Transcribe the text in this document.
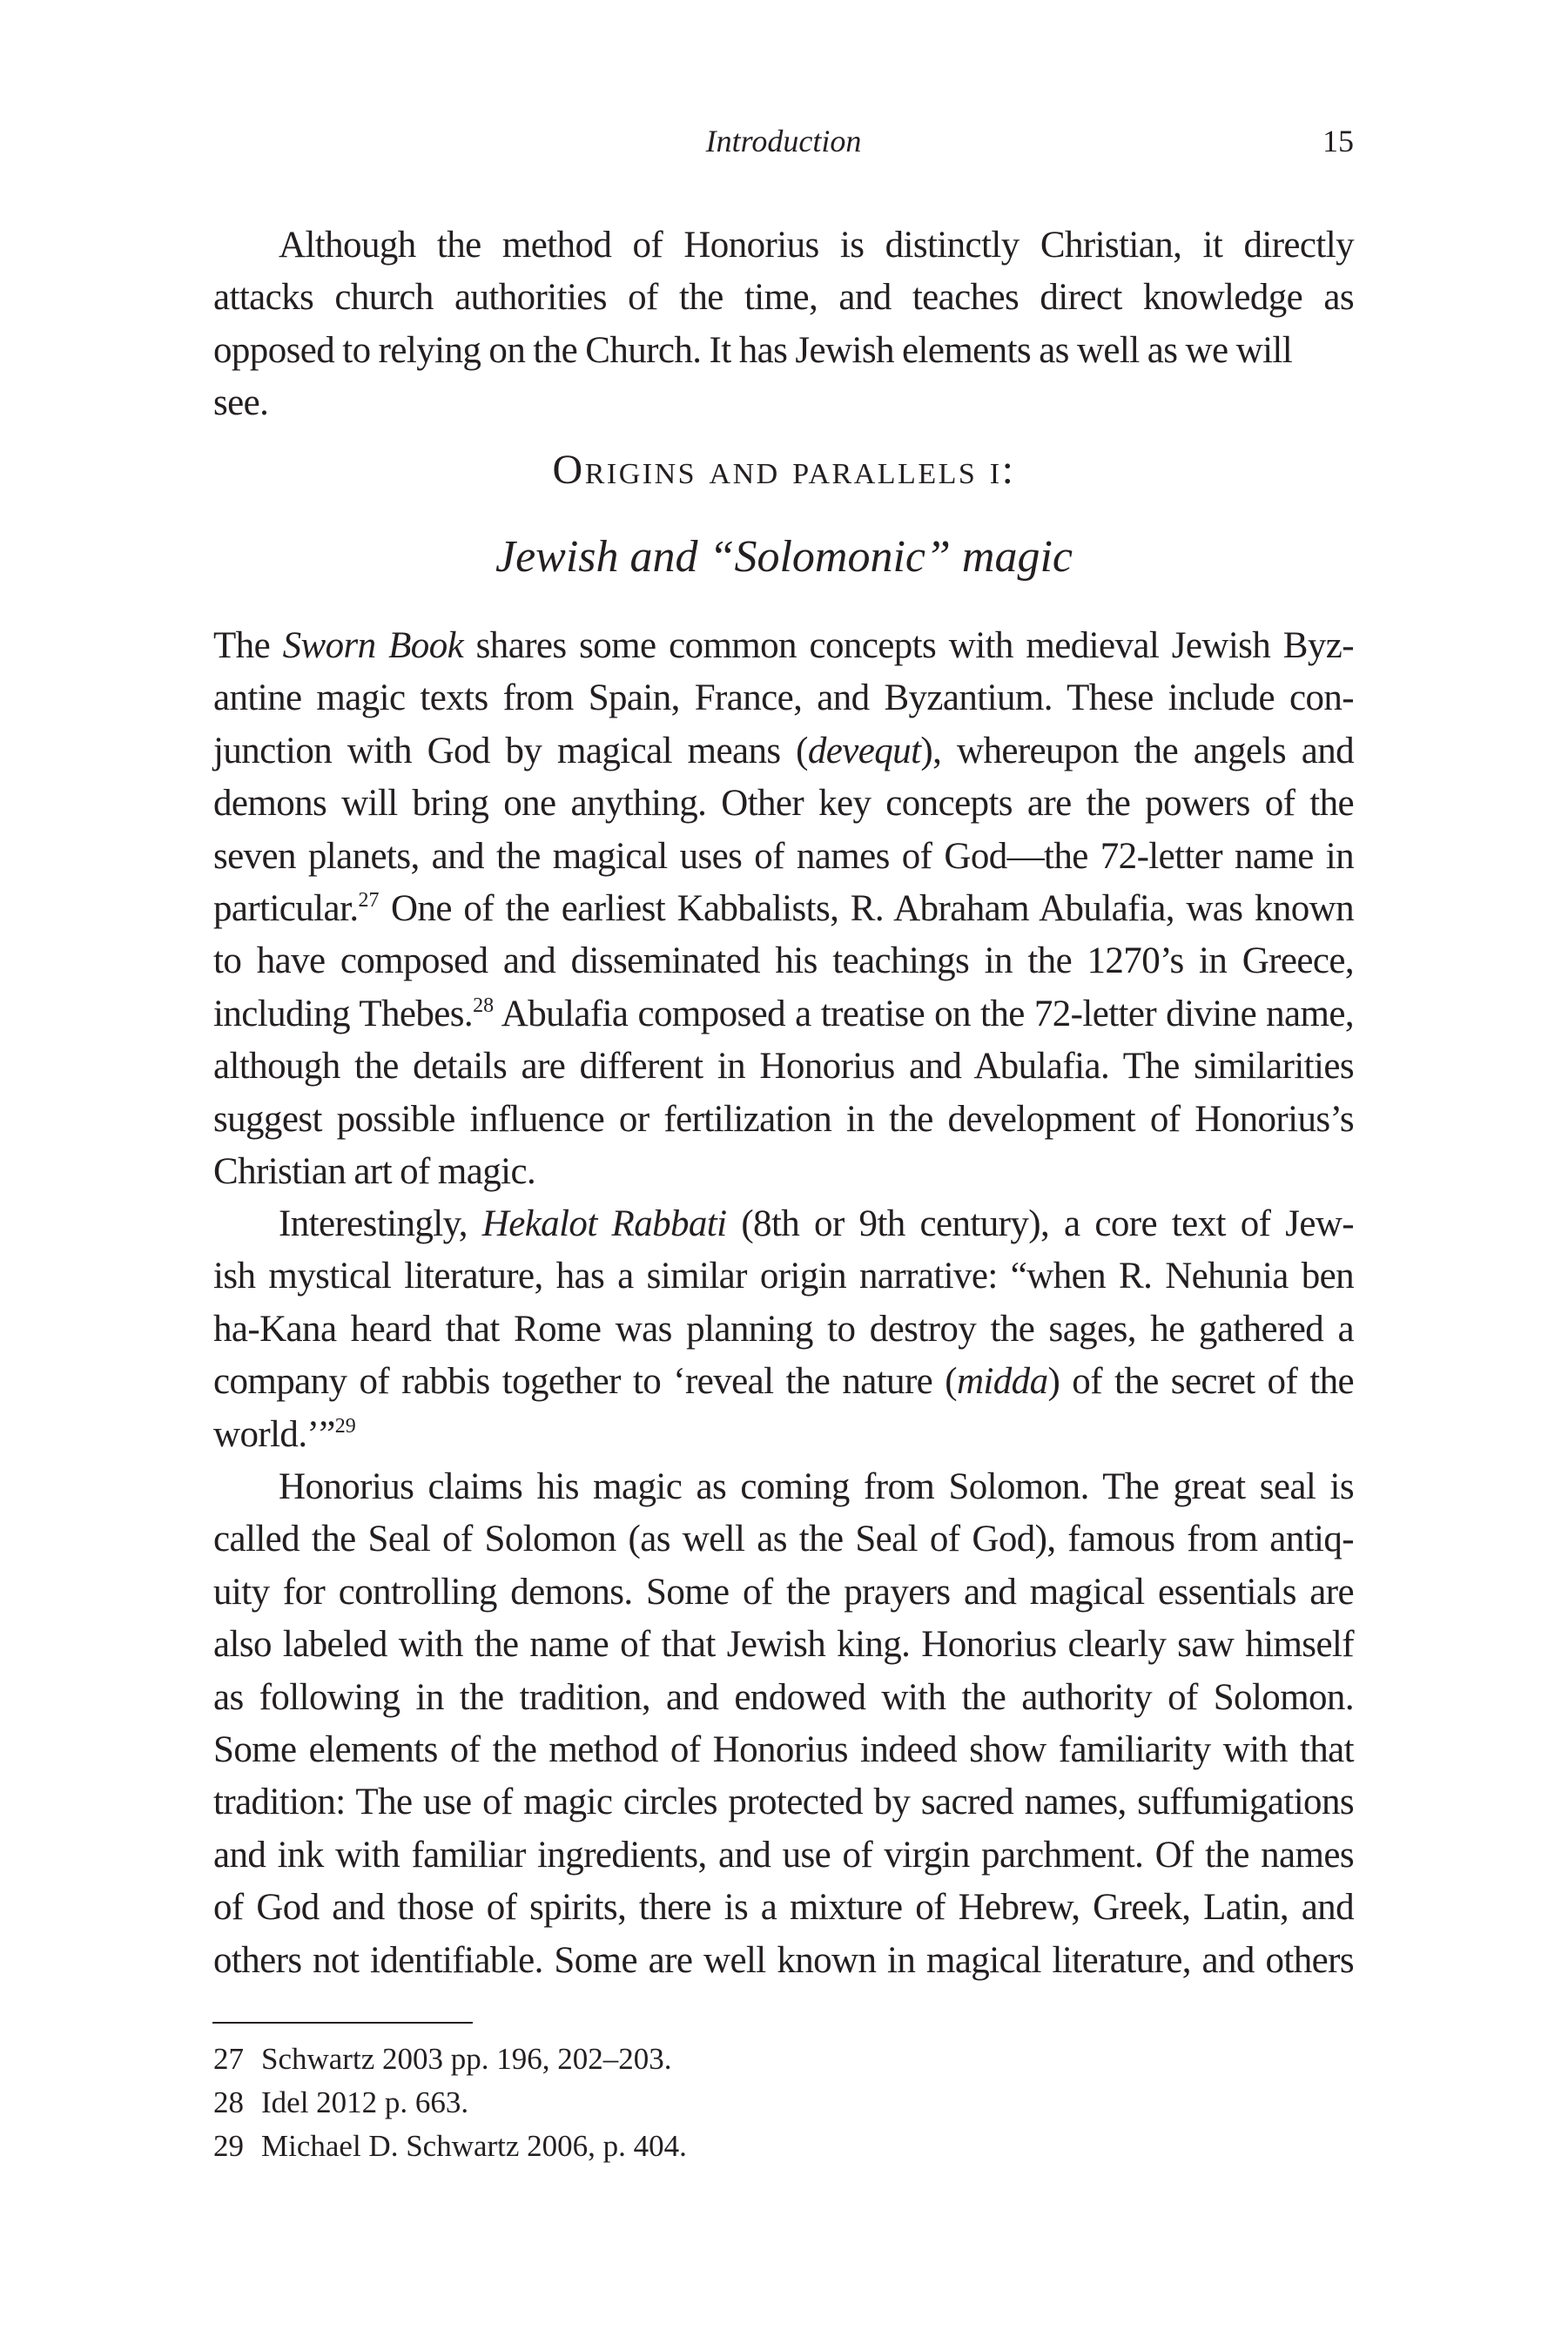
Introduction	15
Although the method of Honorius is distinctly Christian, it directly
attacks church authorities of the time, and teaches direct knowledge as
opposed to relying on the Church. It has Jewish elements as well as we will see.
Origins and parallels i:
Jewish and “Solomonic” magic
The Sworn Book shares some common concepts with medieval Jewish Byz-
antine magic texts from Spain, France, and Byzantium. These include con-
junction with God by magical means (devequt), whereupon the angels and
demons will bring one anything. Other key concepts are the powers of the
seven planets, and the magical uses of names of God—the 72-letter name in
particular.$^{27}$ One of the earliest Kabbalists, R. Abraham Abulafia, was known
to have composed and disseminated his teachings in the 1270’s in Greece,
including Thebes.$^{28}$ Abulafia composed a treatise on the 72-letter divine name,
although the details are different in Honorius and Abulafia. The similarities
suggest possible influence or fertilization in the development of Honorius’s
Christian art of magic.
Interestingly, Hekalot Rabbati (8th or 9th century), a core text of Jew-
ish mystical literature, has a similar origin narrative: “when R. Nehunia ben
ha-Kana heard that Rome was planning to destroy the sages, he gathered a
company of rabbis together to ‘reveal the nature (midda) of the secret of the
world.’”$^{29}$
Honorius claims his magic as coming from Solomon. The great seal is
called the Seal of Solomon (as well as the Seal of God), famous from antiq-
uity for controlling demons. Some of the prayers and magical essentials are
also labeled with the name of that Jewish king. Honorius clearly saw himself
as following in the tradition, and endowed with the authority of Solomon.
Some elements of the method of Honorius indeed show familiarity with that
tradition: The use of magic circles protected by sacred names, suffumigations
and ink with familiar ingredients, and use of virgin parchment. Of the names
of God and those of spirits, there is a mixture of Hebrew, Greek, Latin, and
others not identifiable. Some are well known in magical literature, and others
27 Schwartz 2003 pp. 196, 202–203.
28 Idel 2012 p. 663.
29 Michael D. Schwartz 2006, p. 404.
